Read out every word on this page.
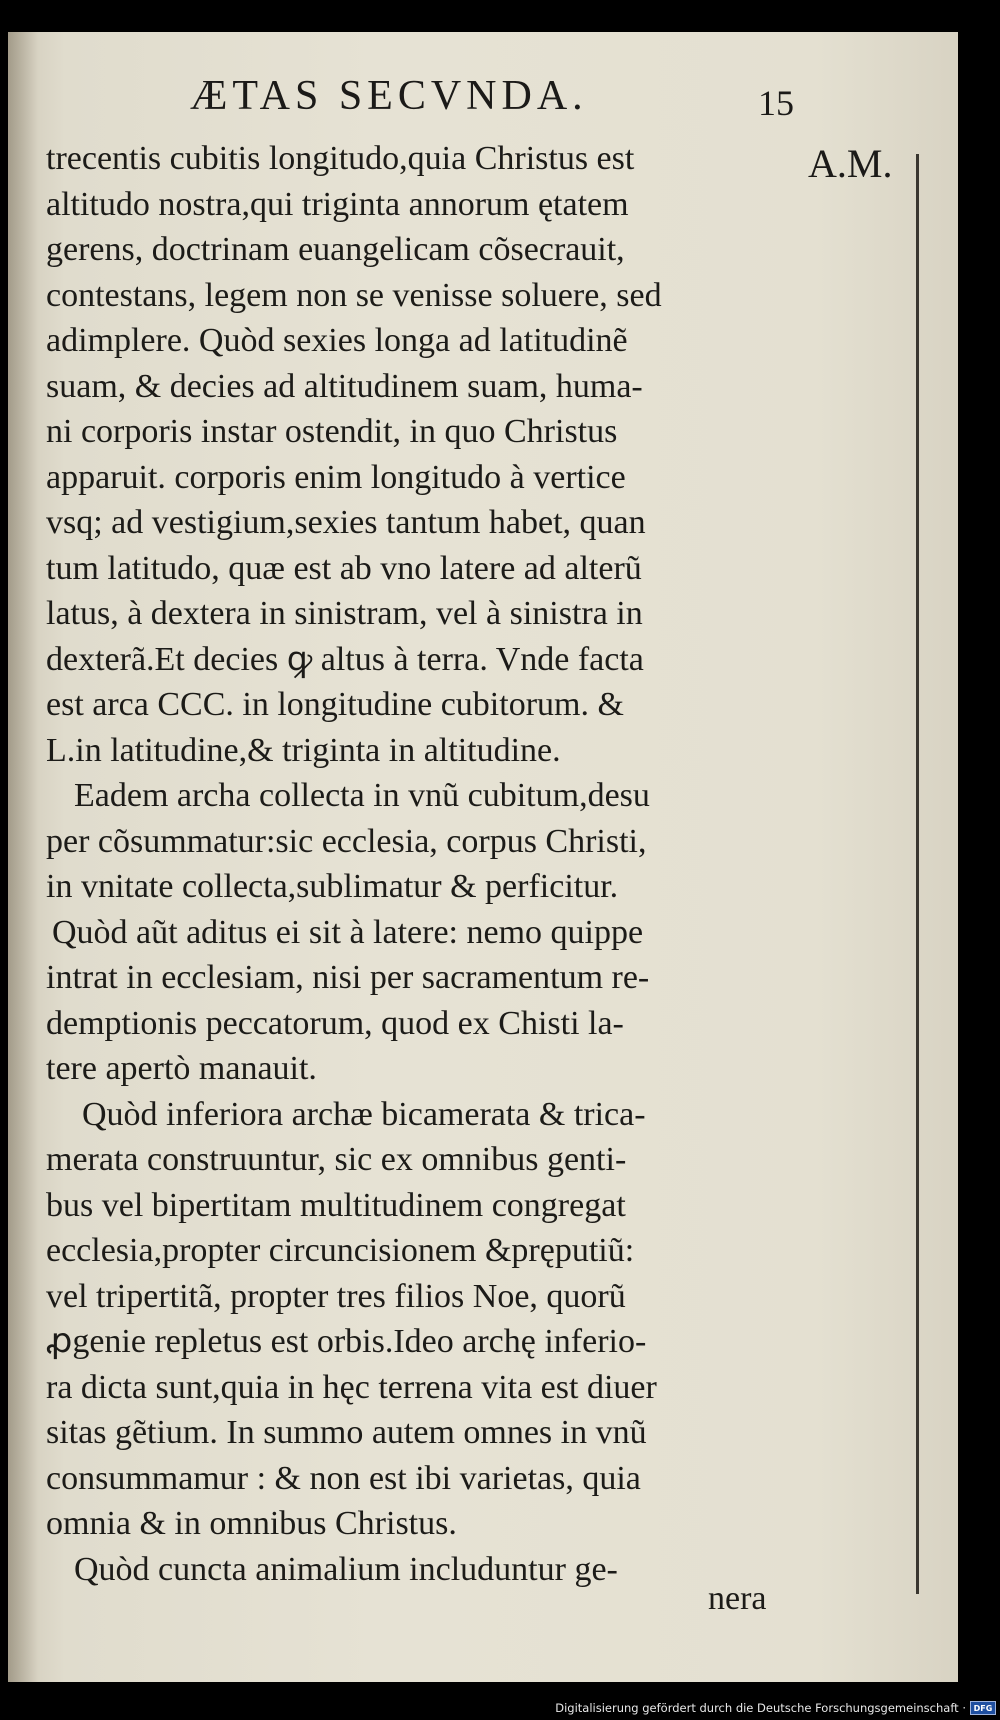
ÆTAS SECVNDA.	15
A.M.
trecentis cubitis longitudo,quia Christus est
altitudo nostra,qui triginta annorum ętatem
gerens, doctrinam euangelicam cõsecrauit,
contestans, legem non se venisse soluere, sed
adimplere. Quòd sexies longa ad latitudinẽ
suam, & decies ad altitudinem suam, huma-
ni corporis instar ostendit, in quo Christus
apparuit. corporis enim longitudo à vertice
vsq; ad vestigium,sexies tantum habet, quan
tum latitudo, quæ est ab vno latere ad alterũ
latus, à dextera in sinistram, vel à sinistra in
dexterã.Et decies ꝙ altus à terra. Vnde facta
est arca CCC. in longitudine cubitorum. &
L.in latitudine,& triginta in altitudine.
Eadem archa collecta in vnũ cubitum,desu
per cõsummatur:sic ecclesia, corpus Christi,
in vnitate collecta,sublimatur & perficitur.
Quòd aũt aditus ei sit à latere: nemo quippe
intrat in ecclesiam, nisi per sacramentum re-
demptionis peccatorum, quod ex Chisti la-
tere apertò manauit.
Quòd inferiora archæ bicamerata & trica-
merata construuntur, sic ex omnibus genti-
bus vel bipertitam multitudinem congregat
ecclesia,propter circuncisionem &pręputiũ:
vel tripertitã, propter tres filios Noe, quorũ
ꝓgenie repletus est orbis.Ideo archę inferio-
ra dicta sunt,quia in hęc terrena vita est diuer
sitas gẽtium. In summo autem omnes in vnũ
consummamur : & non est ibi varietas, quia
omnia & in omnibus Christus.
Quòd cuncta animalium includuntur ge-
nera
Digitalisierung gefördert durch die Deutsche Forschungsgemeinschaft · DFG
